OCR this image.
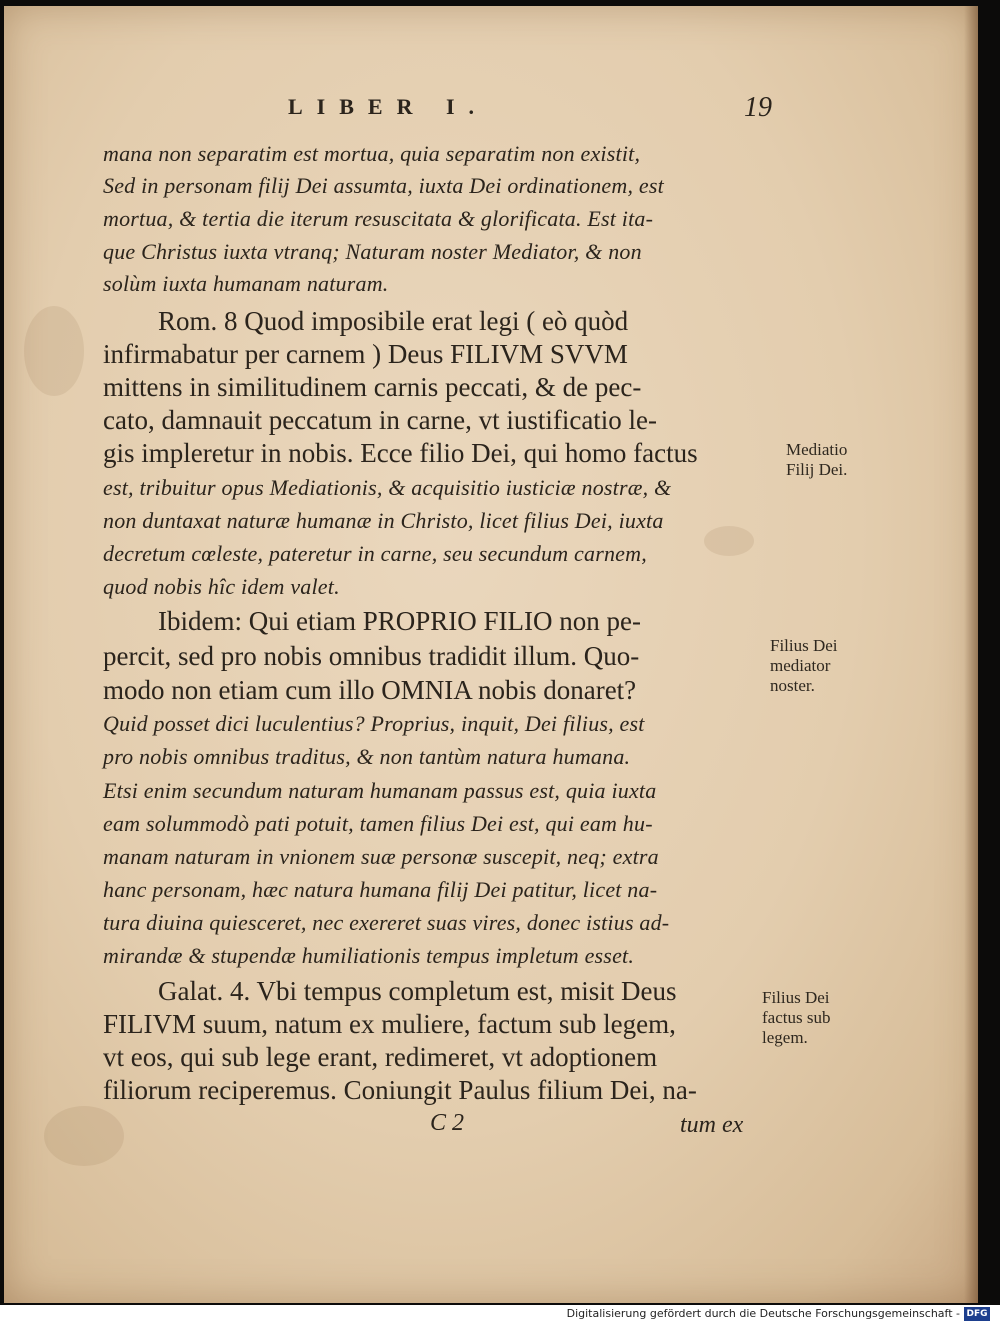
LIBER I.	19
mana non separatim est mortua, quia separatim non existit,
Sed in personam filij Dei assumta, iuxta Dei ordinationem, est
mortua, & tertia die iterum resuscitata & glorificata. Est ita-
que Christus iuxta vtranq; Naturam noster Mediator, & non
solùm iuxta humanam naturam.
Rom. 8 Quod imposibile erat legi ( eò quòd
infirmabatur per carnem ) Deus FILIVM SVVM
mittens in similitudinem carnis peccati, & de pec-
cato, damnauit peccatum in carne, vt iustificatio le-
gis impleretur in nobis. Ecce filio Dei, qui homo factus
est, tribuitur opus Mediationis, & acquisitio iusticiæ nostræ, &
non duntaxat naturæ humanæ in Christo, licet filius Dei, iuxta
decretum cœleste, pateretur in carne, seu secundum carnem,
quod nobis hîc idem valet.
Ibidem: Qui etiam PROPRIO FILIO non pe-
percit, sed pro nobis omnibus tradidit illum. Quo-
modo non etiam cum illo OMNIA nobis donaret?
Quid posset dici luculentius? Proprius, inquit, Dei filius, est
pro nobis omnibus traditus, & non tantùm natura humana.
Etsi enim secundum naturam humanam passus est, quia iuxta
eam solummodò pati potuit, tamen filius Dei est, qui eam hu-
manam naturam in vnionem suæ personæ suscepit, neq; extra
hanc personam, hæc natura humana filij Dei patitur, licet na-
tura diuina quiesceret, nec exereret suas vires, donec istius ad-
mirandæ & stupendæ humiliationis tempus impletum esset.
Galat. 4. Vbi tempus completum est, misit Deus
FILIVM suum, natum ex muliere, factum sub legem,
vt eos, qui sub lege erant, redimeret, vt adoptionem
filiorum reciperemus. Coniungit Paulus filium Dei, na-
C 2	tum ex
Mediatio
Filij Dei.
Filius Dei
mediator
noster.
Filius Dei
factus sub
legem.
Digitalisierung gefördert durch die Deutsche Forschungsgemeinschaft - DFG
